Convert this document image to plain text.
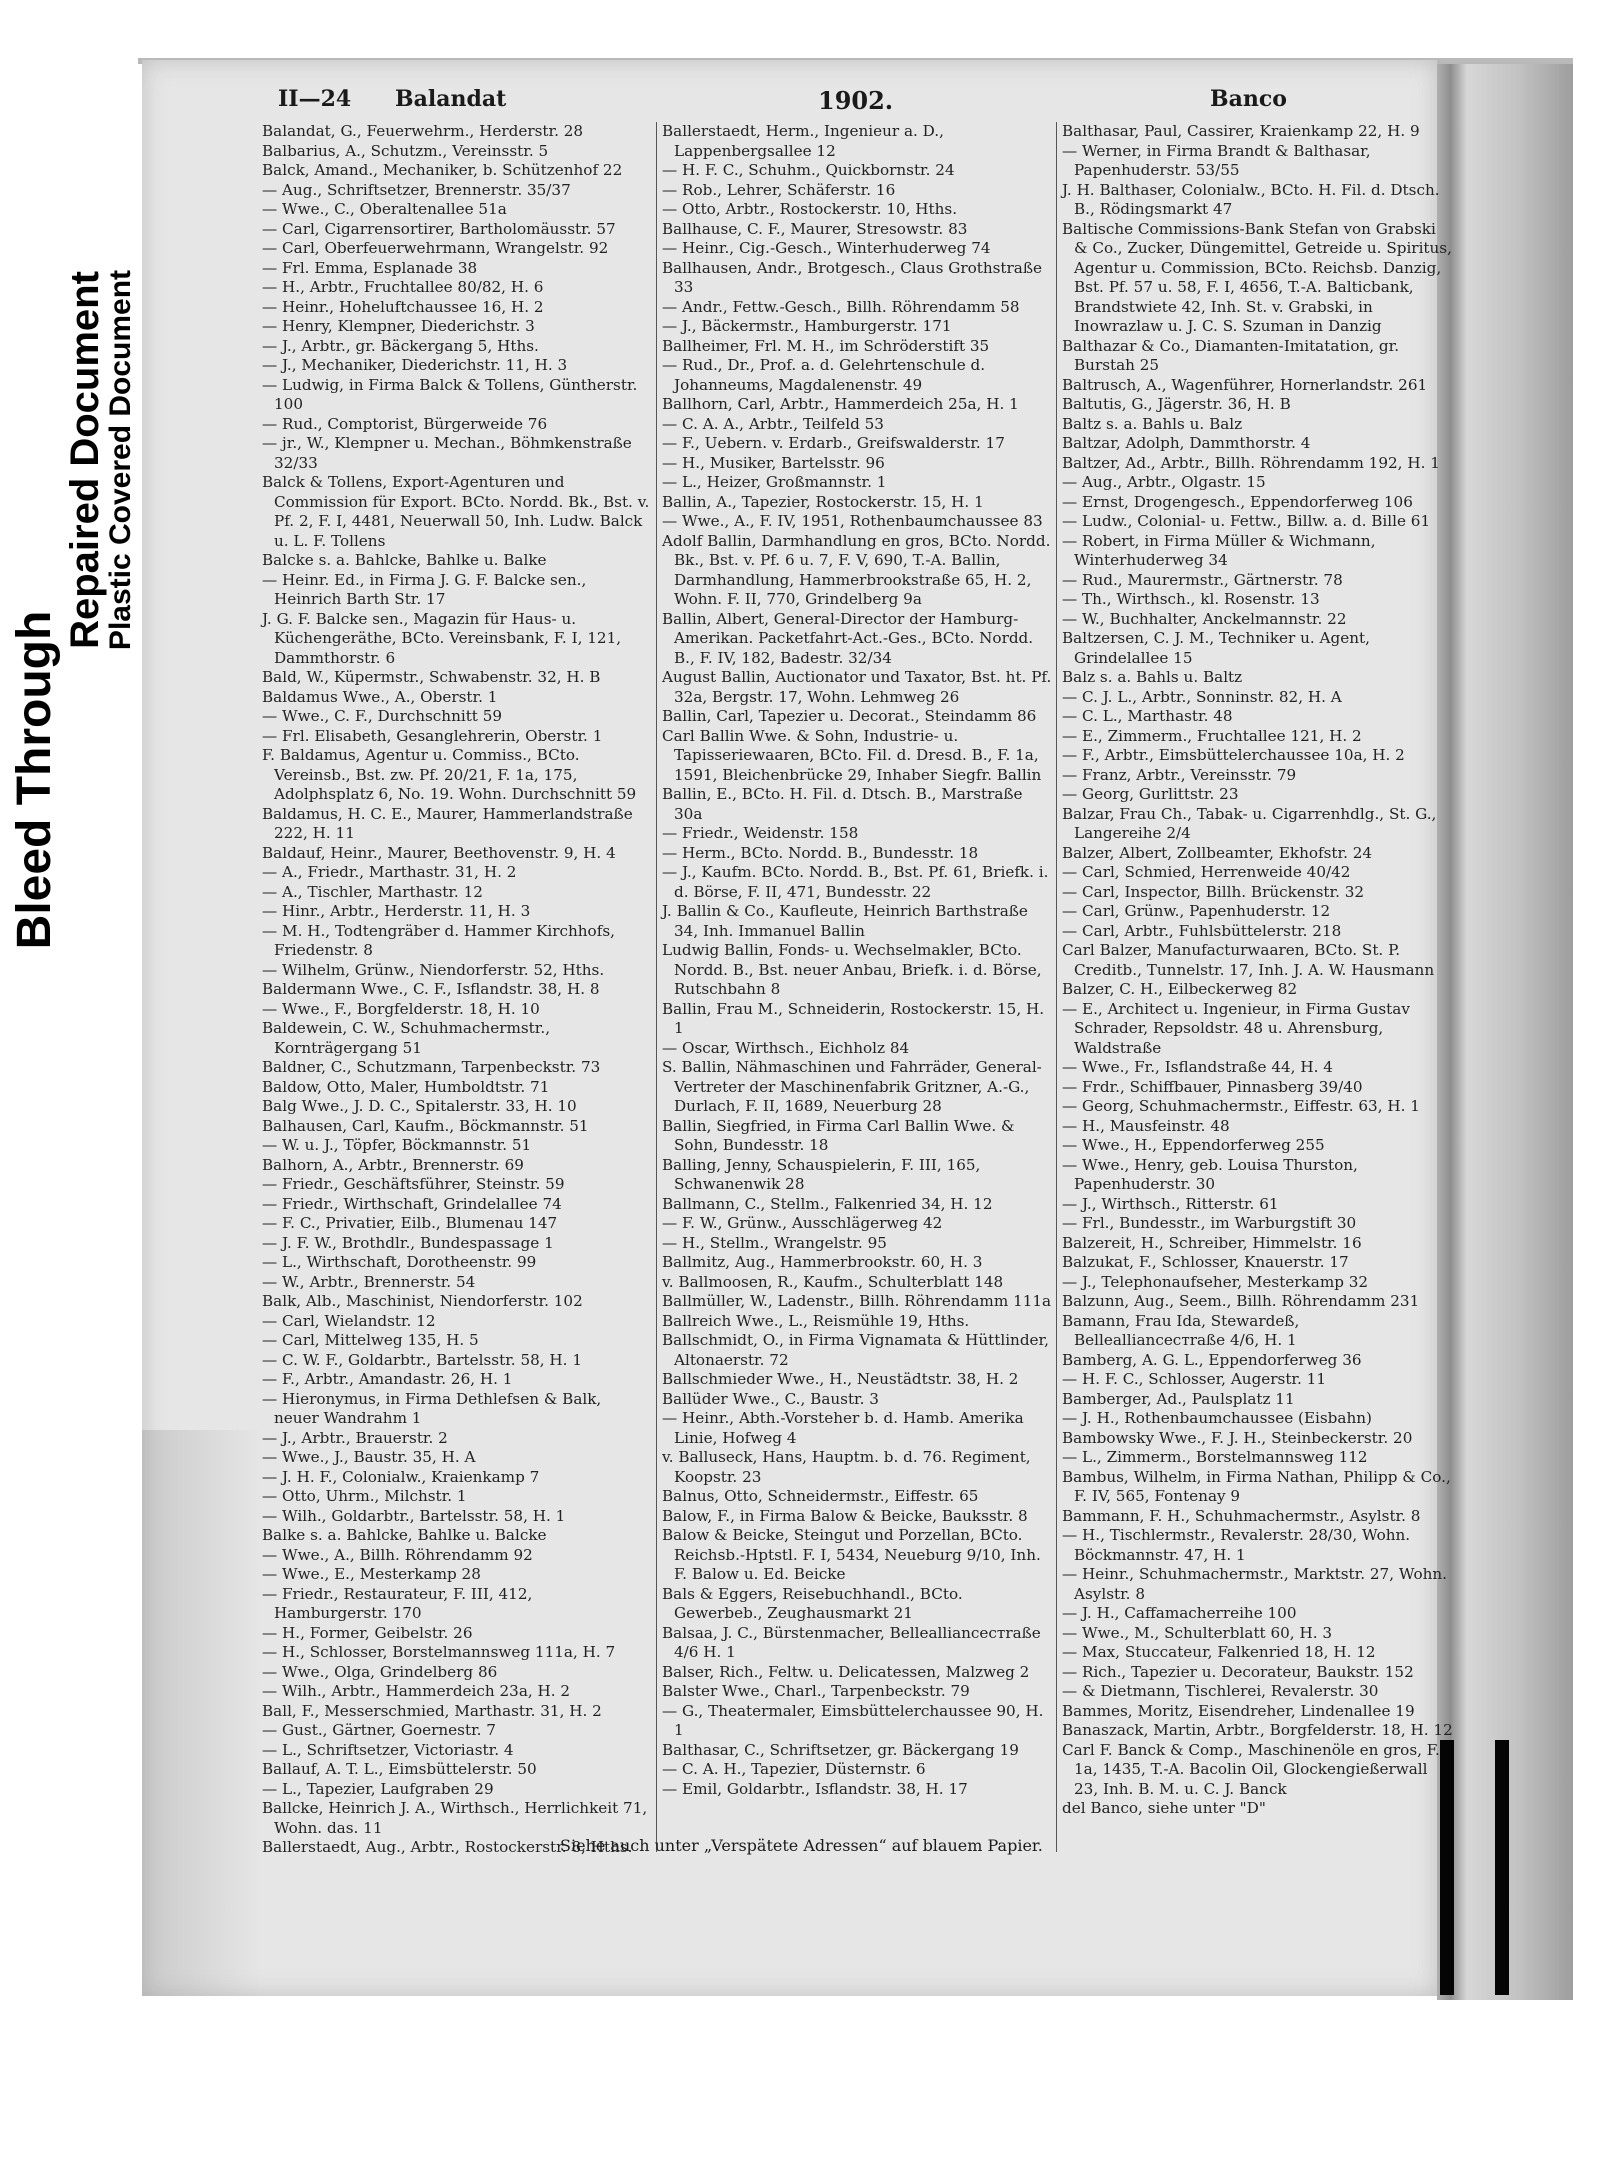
Bleed Through
Repaired Document
Plastic Covered Document
II—24 Balandat	1902.	Banco

Balandat, G., Feuerwehrm., Herderstr. 28

Balbarius, A., Schutzm., Vereinsstr. 5

Balck, Amand., Mechaniker, b. Schützenhof 22

— Aug., Schriftsetzer, Brennerstr. 35/37

— Wwe., C., Oberaltenallee 51a

— Carl, Cigarrensortirer, Bartholomäusstr. 57

— Carl, Oberfeuerwehrmann, Wrangelstr. 92

— Frl. Emma, Esplanade 38

— H., Arbtr., Fruchtallee 80/82, H. 6

— Heinr., Hoheluftchaussee 16, H. 2

— Henry, Klempner, Diederichstr. 3

— J., Arbtr., gr. Bäckergang 5, Hths.

— J., Mechaniker, Diederichstr. 11, H. 3

— Ludwig, in Firma Balck & Tollens, Güntherstr. 100

— Rud., Comptorist, Bürgerweide 76

— jr., W., Klempner u. Mechan., Böhmkenstraße 32/33

Balck & Tollens, Export-Agenturen und Commission für Export. BCto. Nordd. Bk., Bst. v. Pf. 2, F. I, 4481, Neuerwall 50, Inh. Ludw. Balck u. L. F. Tollens

Balcke s. a. Bahlcke, Bahlke u. Balke

— Heinr. Ed., in Firma J. G. F. Balcke sen., Heinrich Barth Str. 17

J. G. F. Balcke sen., Magazin für Haus- u. Küchengeräthe, BCto. Vereinsbank, F. I, 121, Dammthorstr. 6

Bald, W., Küpermstr., Schwabenstr. 32, H. B

Baldamus Wwe., A., Oberstr. 1

— Wwe., C. F., Durchschnitt 59

— Frl. Elisabeth, Gesanglehrerin, Oberstr. 1

F. Baldamus, Agentur u. Commiss., BCto. Vereinsb., Bst. zw. Pf. 20/21, F. 1a, 175, Adolphsplatz 6, No. 19. Wohn. Durchschnitt 59

Baldamus, H. C. E., Maurer, Hammerlandstraße 222, H. 11

Baldauf, Heinr., Maurer, Beethovenstr. 9, H. 4

— A., Friedr., Marthastr. 31, H. 2

— A., Tischler, Marthastr. 12

— Hinr., Arbtr., Herderstr. 11, H. 3

— M. H., Todtengräber d. Hammer Kirchhofs, Friedenstr. 8

— Wilhelm, Grünw., Niendorferstr. 52, Hths.

Baldermann Wwe., C. F., Isflandstr. 38, H. 8

— Wwe., F., Borgfelderstr. 18, H. 10

Baldewein, C. W., Schuhmachermstr., Kornträgergang 51

Baldner, C., Schutzmann, Tarpenbeckstr. 73

Baldow, Otto, Maler, Humboldtstr. 71

Balg Wwe., J. D. C., Spitalerstr. 33, H. 10

Balhausen, Carl, Kaufm., Böckmannstr. 51

— W. u. J., Töpfer, Böckmannstr. 51

Balhorn, A., Arbtr., Brennerstr. 69

— Friedr., Geschäftsführer, Steinstr. 59

— Friedr., Wirthschaft, Grindelallee 74

— F. C., Privatier, Eilb., Blumenau 147

— J. F. W., Brothdlr., Bundespassage 1

— L., Wirthschaft, Dorotheenstr. 99

— W., Arbtr., Brennerstr. 54

Balk, Alb., Maschinist, Niendorferstr. 102

— Carl, Wielandstr. 12

— Carl, Mittelweg 135, H. 5

— C. W. F., Goldarbtr., Bartelsstr. 58, H. 1

— F., Arbtr., Amandastr. 26, H. 1

— Hieronymus, in Firma Dethlefsen & Balk, neuer Wandrahm 1

— J., Arbtr., Brauerstr. 2

— Wwe., J., Baustr. 35, H. A

— J. H. F., Colonialw., Kraienkamp 7

— Otto, Uhrm., Milchstr. 1

— Wilh., Goldarbtr., Bartelsstr. 58, H. 1

Balke s. a. Bahlcke, Bahlke u. Balcke

— Wwe., A., Billh. Röhrendamm 92

— Wwe., E., Mesterkamp 28

— Friedr., Restaurateur, F. III, 412, Hamburgerstr. 170

— H., Former, Geibelstr. 26

— H., Schlosser, Borstelmannsweg 111a, H. 7

— Wwe., Olga, Grindelberg 86

— Wilh., Arbtr., Hammerdeich 23a, H. 2

Ball, F., Messerschmied, Marthastr. 31, H. 2

— Gust., Gärtner, Goernestr. 7

— L., Schriftsetzer, Victoriastr. 4

Ballauf, A. T. L., Eimsbüttelerstr. 50

— L., Tapezier, Laufgraben 29

Ballcke, Heinrich J. A., Wirthsch., Herrlichkeit 71, Wohn. das. 11

Ballerstaedt, Aug., Arbtr., Rostockerstr. 8, Hths.

Ballerstaedt, Herm., Ingenieur a. D., Lappenbergsallee 12

— H. F. C., Schuhm., Quickbornstr. 24

— Rob., Lehrer, Schäferstr. 16

— Otto, Arbtr., Rostockerstr. 10, Hths.

Ballhause, C. F., Maurer, Stresowstr. 83

— Heinr., Cig.-Gesch., Winterhuderweg 74

Ballhausen, Andr., Brotgesch., Claus Grothstraße 33

— Andr., Fettw.-Gesch., Billh. Röhrendamm 58

— J., Bäckermstr., Hamburgerstr. 171

Ballheimer, Frl. M. H., im Schröderstift 35

— Rud., Dr., Prof. a. d. Gelehrtenschule d. Johanneums, Magdalenenstr. 49

Ballhorn, Carl, Arbtr., Hammerdeich 25a, H. 1

— C. A. A., Arbtr., Teilfeld 53

— F., Uebern. v. Erdarb., Greifswalderstr. 17

— H., Musiker, Bartelsstr. 96

— L., Heizer, Großmannstr. 1

Ballin, A., Tapezier, Rostockerstr. 15, H. 1

— Wwe., A., F. IV, 1951, Rothenbaumchaussee 83

Adolf Ballin, Darmhandlung en gros, BCto. Nordd. Bk., Bst. v. Pf. 6 u. 7, F. V, 690, T.-A. Ballin, Darmhandlung, Hammerbrookstraße 65, H. 2, Wohn. F. II, 770, Grindelberg 9a

Ballin, Albert, General-Director der Hamburg-Amerikan. Packetfahrt-Act.-Ges., BCto. Nordd. B., F. IV, 182, Badestr. 32/34

August Ballin, Auctionator und Taxator, Bst. ht. Pf. 32a, Bergstr. 17, Wohn. Lehmweg 26

Ballin, Carl, Tapezier u. Decorat., Steindamm 86

Carl Ballin Wwe. & Sohn, Industrie- u. Tapisseriewaaren, BCto. Fil. d. Dresd. B., F. 1a, 1591, Bleichenbrücke 29, Inhaber Siegfr. Ballin

Ballin, E., BCto. H. Fil. d. Dtsch. B., Marstraße 30a

— Friedr., Weidenstr. 158

— Herm., BCto. Nordd. B., Bundesstr. 18

— J., Kaufm. BCto. Nordd. B., Bst. Pf. 61, Briefk. i. d. Börse, F. II, 471, Bundesstr. 22

J. Ballin & Co., Kaufleute, Heinrich Barthstraße 34, Inh. Immanuel Ballin

Ludwig Ballin, Fonds- u. Wechselmakler, BCto. Nordd. B., Bst. neuer Anbau, Briefk. i. d. Börse, Rutschbahn 8

Ballin, Frau M., Schneiderin, Rostockerstr. 15, H. 1

— Oscar, Wirthsch., Eichholz 84

S. Ballin, Nähmaschinen und Fahrräder, General-Vertreter der Maschinenfabrik Gritzner, A.-G., Durlach, F. II, 1689, Neuerburg 28

Ballin, Siegfried, in Firma Carl Ballin Wwe. & Sohn, Bundesstr. 18

Balling, Jenny, Schauspielerin, F. III, 165, Schwanenwik 28

Ballmann, C., Stellm., Falkenried 34, H. 12

— F. W., Grünw., Ausschlägerweg 42

— H., Stellm., Wrangelstr. 95

Ballmitz, Aug., Hammerbrookstr. 60, H. 3

v. Ballmoosen, R., Kaufm., Schulterblatt 148

Ballmüller, W., Ladenstr., Billh. Röhrendamm 111a

Ballreich Wwe., L., Reismühle 19, Hths.

Ballschmidt, O., in Firma Vignamata & Hüttlinder, Altonaerstr. 72

Ballschmieder Wwe., H., Neustädtstr. 38, H. 2

Ballüder Wwe., C., Baustr. 3

— Heinr., Abth.-Vorsteher b. d. Hamb. Amerika Linie, Hofweg 4

v. Balluseck, Hans, Hauptm. b. d. 76. Regiment, Koopstr. 23

Balnus, Otto, Schneidermstr., Eiffestr. 65

Balow, F., in Firma Balow & Beicke, Bauksstr. 8

Balow & Beicke, Steingut und Porzellan, BCto. Reichsb.-Hptstl. F. I, 5434, Neueburg 9/10, Inh. F. Balow u. Ed. Beicke

Bals & Eggers, Reisebuchhandl., BCto. Gewerbeb., Zeughausmarkt 21

Balsaa, J. C., Bürstenmacher, Belleallianceстraße 4/6 H. 1

Balser, Rich., Feltw. u. Delicatessen, Malzweg 2

Balster Wwe., Charl., Tarpenbeckstr. 79

— G., Theatermaler, Eimsbüttelerchaussee 90, H. 1

Balthasar, C., Schriftsetzer, gr. Bäckergang 19

— C. A. H., Tapezier, Düsternstr. 6

— Emil, Goldarbtr., Isflandstr. 38, H. 17

Balthasar, Paul, Cassirer, Kraienkamp 22, H. 9

— Werner, in Firma Brandt & Balthasar, Papenhuderstr. 53/55

J. H. Balthaser, Colonialw., BCto. H. Fil. d. Dtsch. B., Rödingsmarkt 47

Baltische Commissions-Bank Stefan von Grabski & Co., Zucker, Düngemittel, Getreide u. Spiritus, Agentur u. Commission, BCto. Reichsb. Danzig, Bst. Pf. 57 u. 58, F. I, 4656, T.-A. Balticbank, Brandstwiete 42, Inh. St. v. Grabski, in Inowrazlaw u. J. C. S. Szuman in Danzig

Balthazar & Co., Diamanten-Imitatation, gr. Burstah 25

Baltrusch, A., Wagenführer, Hornerlandstr. 261

Baltutis, G., Jägerstr. 36, H. B

Baltz s. a. Bahls u. Balz

Baltzar, Adolph, Dammthorstr. 4

Baltzer, Ad., Arbtr., Billh. Röhrendamm 192, H. 1

— Aug., Arbtr., Olgastr. 15

— Ernst, Drogengesch., Eppendorferweg 106

— Ludw., Colonial- u. Fettw., Billw. a. d. Bille 61

— Robert, in Firma Müller & Wichmann, Winterhuderweg 34

— Rud., Maurermstr., Gärtnerstr. 78

— Th., Wirthsch., kl. Rosenstr. 13

— W., Buchhalter, Anckelmannstr. 22

Baltzersen, C. J. M., Techniker u. Agent, Grindelallee 15

Balz s. a. Bahls u. Baltz

— C. J. L., Arbtr., Sonninstr. 82, H. A

— C. L., Marthastr. 48

— E., Zimmerm., Fruchtallee 121, H. 2

— F., Arbtr., Eimsbüttelerchaussee 10a, H. 2

— Franz, Arbtr., Vereinsstr. 79

— Georg, Gurlittstr. 23

Balzar, Frau Ch., Tabak- u. Cigarrenhdlg., St. G., Langereihe 2/4

Balzer, Albert, Zollbeamter, Ekhofstr. 24

— Carl, Schmied, Herrenweide 40/42

— Carl, Inspector, Billh. Brückenstr. 32

— Carl, Grünw., Papenhuderstr. 12

— Carl, Arbtr., Fuhlsbüttelerstr. 218

Carl Balzer, Manufacturwaaren, BCto. St. P. Creditb., Tunnelstr. 17, Inh. J. A. W. Hausmann

Balzer, C. H., Eilbeckerweg 82

— E., Architect u. Ingenieur, in Firma Gustav Schrader, Repsoldstr. 48 u. Ahrensburg, Waldstraße

— Wwe., Fr., Isflandstraße 44, H. 4

— Frdr., Schiffbauer, Pinnasberg 39/40

— Georg, Schuhmachermstr., Eiffestr. 63, H. 1

— H., Mausfeinstr. 48

— Wwe., H., Eppendorferweg 255

— Wwe., Henry, geb. Louisa Thurston, Papenhuderstr. 30

— J., Wirthsch., Ritterstr. 61

— Frl., Bundesstr., im Warburgstift 30

Balzereit, H., Schreiber, Himmelstr. 16

Balzukat, F., Schlosser, Knauerstr. 17

— J., Telephonaufseher, Mesterkamp 32

Balzunn, Aug., Seem., Billh. Röhrendamm 231

Bamann, Frau Ida, Stewardeß, Belleallianceстraße 4/6, H. 1

Bamberg, A. G. L., Eppendorferweg 36

— H. F. C., Schlosser, Augerstr. 11

Bamberger, Ad., Paulsplatz 11

— J. H., Rothenbaumchaussee (Eisbahn)

Bambowsky Wwe., F. J. H., Steinbeckerstr. 20

— L., Zimmerm., Borstelmannsweg 112

Bambus, Wilhelm, in Firma Nathan, Philipp & Co., F. IV, 565, Fontenay 9

Bammann, F. H., Schuhmachermstr., Asylstr. 8

— H., Tischlermstr., Revalerstr. 28/30, Wohn. Böckmannstr. 47, H. 1

— Heinr., Schuhmachermstr., Marktstr. 27, Wohn. Asylstr. 8

— J. H., Caffamacherreihe 100

— Wwe., M., Schulterblatt 60, H. 3

— Max, Stuccateur, Falkenried 18, H. 12

— Rich., Tapezier u. Decorateur, Baukstr. 152

— & Dietmann, Tischlerei, Revalerstr. 30

Bammes, Moritz, Eisendreher, Lindenallee 19

Banaszack, Martin, Arbtr., Borgfelderstr. 18, H. 12

Carl F. Banck & Comp., Maschinenöle en gros, F. 1a, 1435, T.-A. Bacolin Oil, Glockengießerwall 23, Inh. B. M. u. C. J. Banck

del Banco, siehe unter "D"

Siehe auch unter „Verspätete Adressen“ auf blauem Papier.
